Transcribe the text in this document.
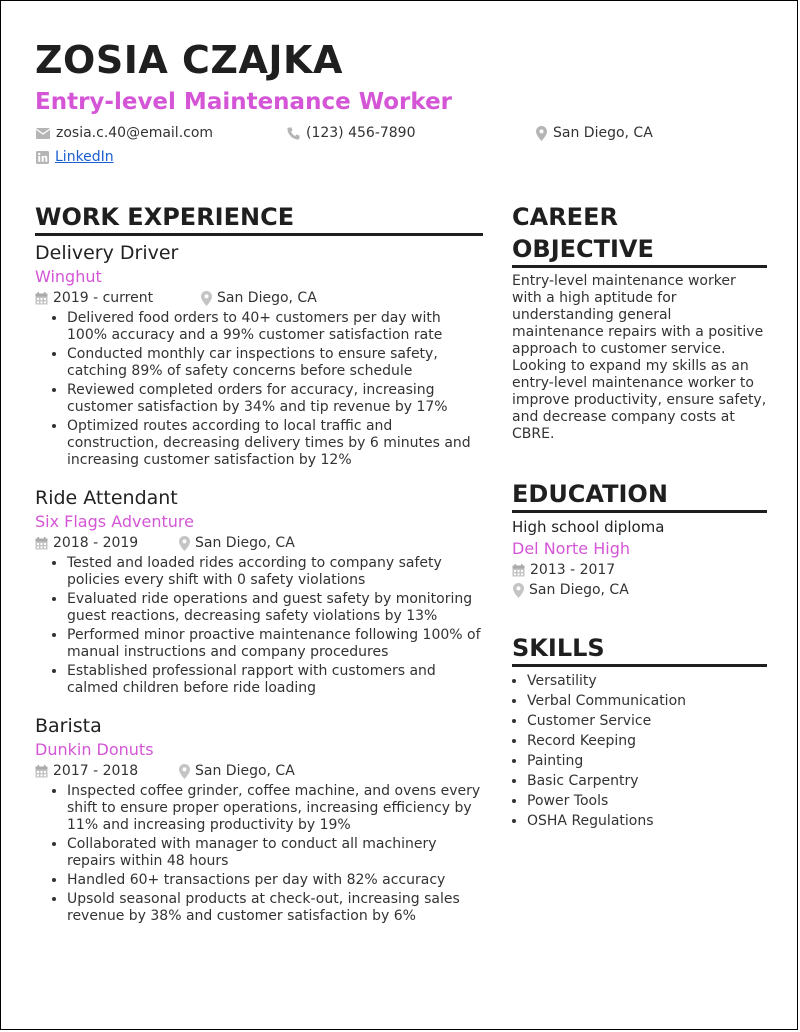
ZOSIA CZAJKA
Entry-level Maintenance Worker
zosia.c.40@email.com	(123) 456-7890	San Diego, CA
LinkedIn
WORK EXPERIENCE

Delivery Driver

Winghut

2019 - current	San Diego, CA
• Delivered food orders to 40+ customers per day with 100% accuracy and a 99% customer satisfaction rate
• Conducted monthly car inspections to ensure safety, catching 89% of safety concerns before schedule
• Reviewed completed orders for accuracy, increasing customer satisfaction by 34% and tip revenue by 17%
• Optimized routes according to local traffic and construction, decreasing delivery times by 6 minutes and increasing customer satisfaction by 12%

Ride Attendant

Six Flags Adventure

2018 - 2019	San Diego, CA
• Tested and loaded rides according to company safety policies every shift with 0 safety violations
• Evaluated ride operations and guest safety by monitoring guest reactions, decreasing safety violations by 13%
• Performed minor proactive maintenance following 100% of manual instructions and company procedures
• Established professional rapport with customers and calmed children before ride loading

Barista

Dunkin Donuts

2017 - 2018	San Diego, CA
• Inspected coffee grinder, coffee machine, and ovens every shift to ensure proper operations, increasing efficiency by 11% and increasing productivity by 19%
• Collaborated with manager to conduct all machinery repairs within 48 hours
• Handled 60+ transactions per day with 82% accuracy
• Upsold seasonal products at check-out, increasing sales revenue by 38% and customer satisfaction by 6%
CAREER OBJECTIVE

Entry-level maintenance worker with a high aptitude for understanding general maintenance repairs with a positive approach to customer service. Looking to expand my skills as an entry-level maintenance worker to improve productivity, ensure safety, and decrease company costs at CBRE.

EDUCATION

High school diploma

Del Norte High

2013 - 2017
San Diego, CA
SKILLS
• Versatility
• Verbal Communication
• Customer Service
• Record Keeping
• Painting
• Basic Carpentry
• Power Tools
• OSHA Regulations
